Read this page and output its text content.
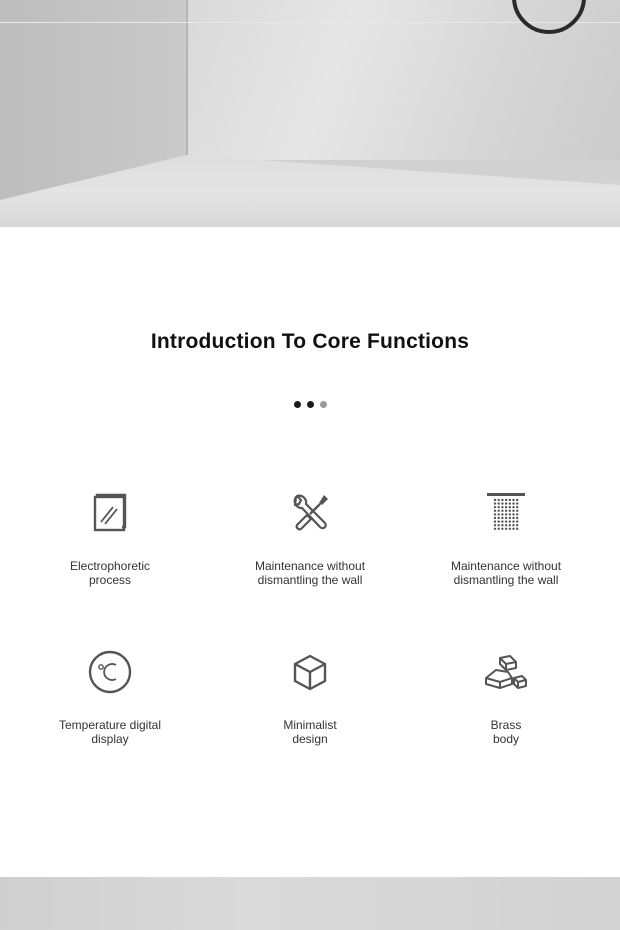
Introduction To Core Functions
Electrophoretic
process
Maintenance without
dismantling the wall
Maintenance without
dismantling the wall
Temperature digital
display
Minimalist
design
Brass
body
